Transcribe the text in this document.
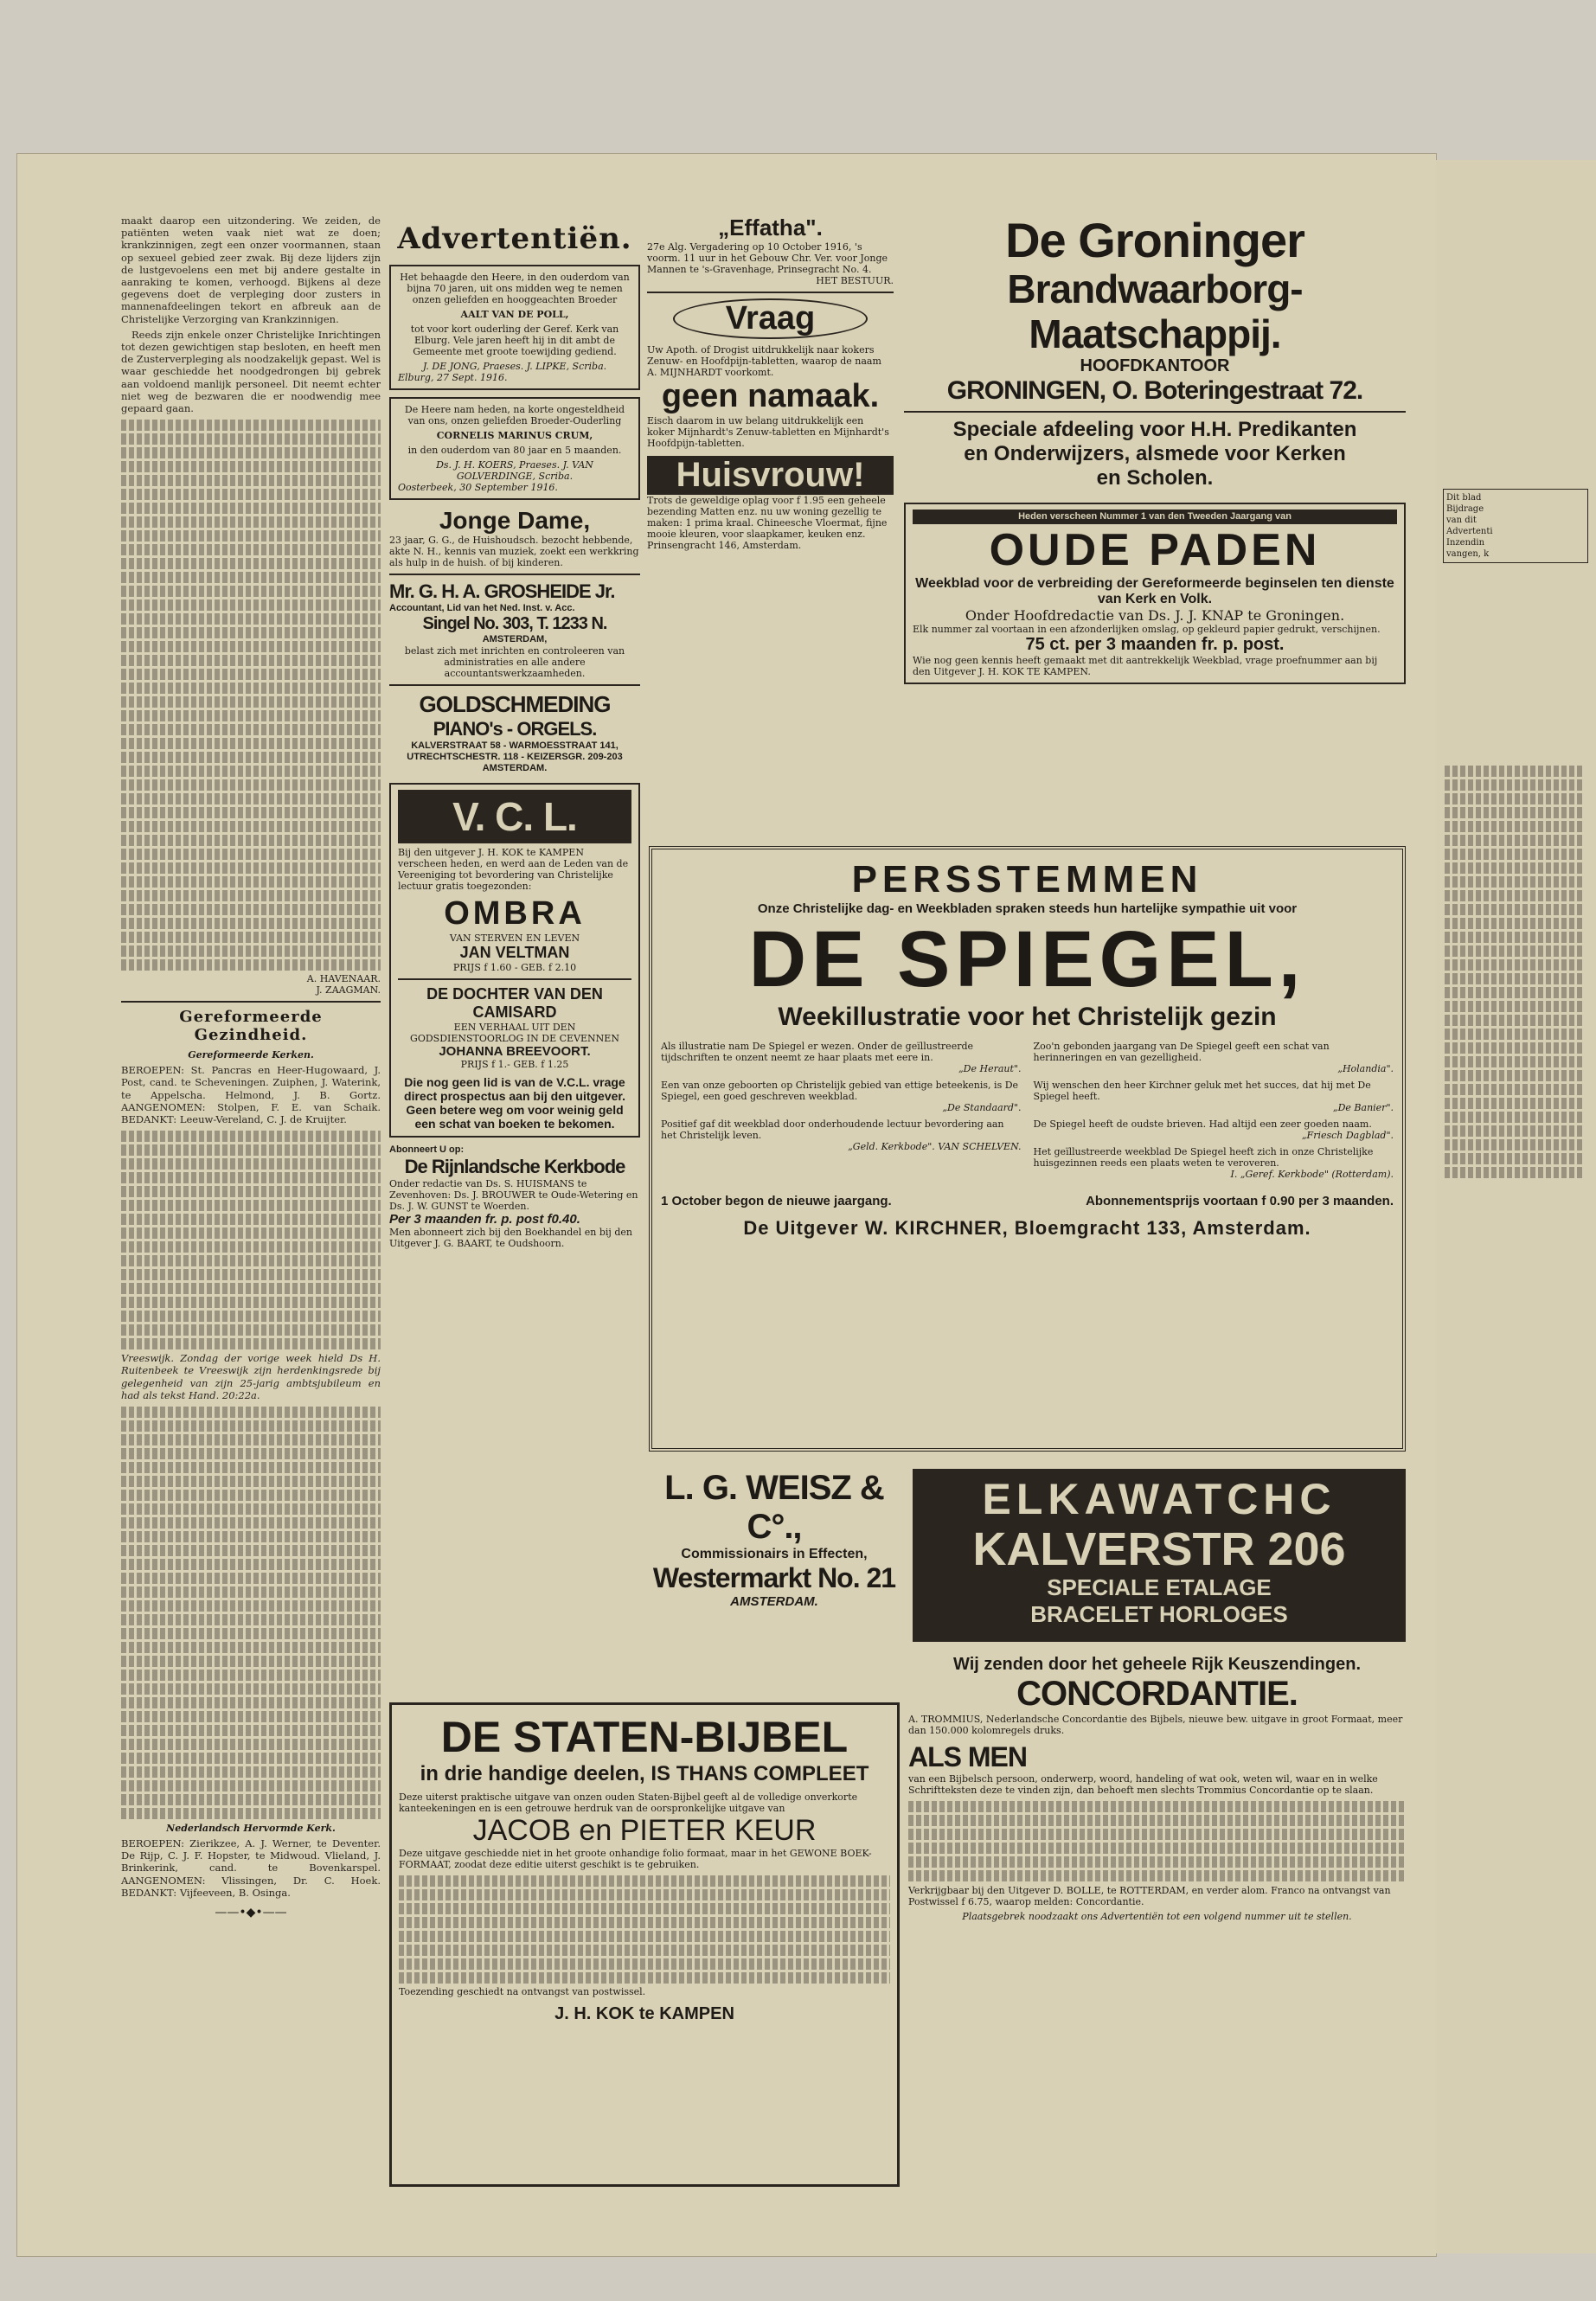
maakt daarop een uitzondering. We zeiden, de patiënten weten vaak niet wat ze doen; krankzinnigen, zegt een onzer voormannen, staan op sexueel gebied zeer zwak. Bij deze lijders zijn de lustgevoelens een met bij andere gestalte in aanraking te komen, verhoogd. Bijkens al deze gegevens doet de verpleging door zusters in mannenafdeelingen tekort en afbreuk aan de Christelijke Verzorging van Krankzinnigen.
Reeds zijn enkele onzer Christelijke Inrichtingen tot dezen gewichtigen stap besloten, en heeft men de Zusterverpleging als noodzakelijk gepast. Wel is waar geschiedde het noodgedrongen bij gebrek aan voldoend manlijk personeel. Dit neemt echter niet weg de bezwaren die er noodwendig mee gepaard gaan.
A. HAVENAAR.
J. ZAAGMAN.
Gereformeerde Gezindheid.
Gereformeerde Kerken.
BEROEPEN: St. Pancras en Heer-Hugowaard, J. Post, cand. te Scheveningen. Zuiphen, J. Waterink, te Appelscha. Helmond, J. B. Gortz. AANGENOMEN: Stolpen, F. E. van Schaik. BEDANKT: Leeuw-Vereland, C. J. de Kruijter.
Vreeswijk. Zondag der vorige week hield Ds H. Ruitenbeek te Vreeswijk zijn herdenkingsrede bij gelegenheid van zijn 25-jarig ambtsjubileum en had als tekst Hand. 20:22a.
Nederlandsch Hervormde Kerk.
BEROEPEN: Zierikzee, A. J. Werner, te Deventer. De Rijp, C. J. F. Hopster, te Midwoud. Vlieland, J. Brinkerink, cand. te Bovenkarspel. AANGENOMEN: Vlissingen, Dr. C. Hoek. BEDANKT: Vijfeeveen, B. Osinga.
——•◆•——
Advertentiën.
Het behaagde den Heere, in den ouderdom van bijna 70 jaren, uit ons midden weg te nemen onzen geliefden en hooggeachten Broeder
AALT VAN DE POLL,
tot voor kort ouderling der Geref. Kerk van Elburg. Vele jaren heeft hij in dit ambt de Gemeente met groote toewijding gediend.
J. DE JONG, Praeses. J. LIPKE, Scriba.
Elburg, 27 Sept. 1916.
De Heere nam heden, na korte ongesteldheid van ons, onzen geliefden Broeder-Ouderling
CORNELIS MARINUS CRUM,
in den ouderdom van 80 jaar en 5 maanden.
Ds. J. H. KOERS, Praeses. J. VAN GOLVERDINGE, Scriba.
Oosterbeek, 30 September 1916.
Jonge Dame,
23 jaar, G. G., de Huishoudsch. bezocht hebbende, akte N. H., kennis van muziek, zoekt een werkkring als hulp in de huish. of bij kinderen.
Mr. G. H. A. GROSHEIDE Jr.
Accountant, Lid van het Ned. Inst. v. Acc.
Singel No. 303, T. 1233 N.
AMSTERDAM,
belast zich met inrichten en controleeren van administraties en alle andere accountantswerkzaamheden.
GOLDSCHMEDING
PIANO's - ORGELS.
KALVERSTRAAT 58 - WARMOESSTRAAT 141, UTRECHTSCHESTR. 118 - KEIZERSGR. 209-203
AMSTERDAM.
V. C. L.
Bij den uitgever J. H. KOK te KAMPEN verscheen heden, en werd aan de Leden van de Vereeniging tot bevordering van Christelijke lectuur gratis toegezonden:
OMBRA
VAN STERVEN EN LEVEN
JAN VELTMAN
PRIJS f 1.60 - GEB. f 2.10
DE DOCHTER VAN DEN CAMISARD
EEN VERHAAL UIT DEN GODSDIENSTOORLOG IN DE CEVENNEN
JOHANNA BREEVOORT.
PRIJS f 1.- GEB. f 1.25
Die nog geen lid is van de V.C.L. vrage direct prospectus aan bij den uitgever. Geen betere weg om voor weinig geld een schat van boeken te bekomen.
Abonneert U op:
De Rijnlandsche Kerkbode
Onder redactie van Ds. S. HUISMANS te Zevenhoven: Ds. J. BROUWER te Oude-Wetering en Ds. J. W. GUNST te Woerden.
Per 3 maanden fr. p. post f0.40.
Men abonneert zich bij den Boekhandel en bij den Uitgever J. G. BAART, te Oudshoorn.
„Effatha".
27e Alg. Vergadering op 10 October 1916, 's voorm. 11 uur in het Gebouw Chr. Ver. voor Jonge Mannen te 's-Gravenhage, Prinsegracht No. 4.
HET BESTUUR.
Vraag
Uw Apoth. of Drogist uitdrukkelijk naar kokers Zenuw- en Hoofdpijn-tabletten, waarop de naam A. MIJNHARDT voorkomt.
geen namaak.
Eisch daarom in uw belang uitdrukkelijk een koker Mijnhardt's Zenuw-tabletten en Mijnhardt's Hoofdpijn-tabletten.
Huisvrouw!
Trots de geweldige oplag voor f 1.95 een geheele bezending Matten enz. nu uw woning gezellig te maken: 1 prima kraal. Chineesche Vloermat, fijne mooie kleuren, voor slaapkamer, keuken enz.
Prinsengracht 146, Amsterdam.
De Groninger
Brandwaarborg-Maatschappij.
HOOFDKANTOOR
GRONINGEN, O. Boteringestraat 72.
Speciale afdeeling voor H.H. Predikanten
en Onderwijzers, alsmede voor Kerken
en Scholen.
Heden verscheen Nummer 1 van den Tweeden Jaargang van
OUDE PADEN
Weekblad voor de verbreiding der Gereformeerde beginselen ten dienste van Kerk en Volk.
Onder Hoofdredactie van Ds. J. J. KNAP te Groningen.
Elk nummer zal voortaan in een afzonderlijken omslag, op gekleurd papier gedrukt, verschijnen.
75 ct. per 3 maanden fr. p. post.
Wie nog geen kennis heeft gemaakt met dit aantrekkelijk Weekblad, vrage proefnummer aan bij den Uitgever J. H. KOK TE KAMPEN.
PERSSTEMMEN
Onze Christelijke dag- en Weekbladen spraken steeds hun hartelijke sympathie uit voor
DE SPIEGEL,
Weekillustratie voor het Christelijk gezin
Als illustratie nam De Spiegel er wezen. Onder de geïllustreerde tijdschriften te onzent neemt ze haar plaats met eere in.
„De Heraut".
Een van onze geboorten op Christelijk gebied van ettige beteekenis, is De Spiegel, een goed geschreven weekblad.
„De Standaard".
Positief gaf dit weekblad door onderhoudende lectuur bevordering aan het Christelijk leven.
„Geld. Kerkbode". VAN SCHELVEN.
Zoo'n gebonden jaargang van De Spiegel geeft een schat van herinneringen en van gezelligheid.
„Holandia".
Wij wenschen den heer Kirchner geluk met het succes, dat hij met De Spiegel heeft.
„De Banier".
De Spiegel heeft de oudste brieven. Had altijd een zeer goeden naam.
„Friesch Dagblad".
Het geïllustreerde weekblad De Spiegel heeft zich in onze Christelijke huisgezinnen reeds een plaats weten te veroveren.
I. „Geref. Kerkbode" (Rotterdam).
1 October begon de nieuwe jaargang.	Abonnementsprijs voortaan f 0.90 per 3 maanden.
De Uitgever W. KIRCHNER, Bloemgracht 133, Amsterdam.
L. G. WEISZ & C°.,
Commissionairs in Effecten,
Westermarkt No. 21
AMSTERDAM.
ELKAWATCHC
KALVERSTR 206
SPECIALE ETALAGE
BRACELET HORLOGES
DE STATEN-BIJBEL
in drie handige deelen, IS THANS COMPLEET
Deze uiterst praktische uitgave van onzen ouden Staten-Bijbel geeft al de volledige onverkorte kanteekeningen en is een getrouwe herdruk van de oorspronkelijke uitgave van
JACOB en PIETER KEUR
Deze uitgave geschiedde niet in het groote onhandige folio formaat, maar in het GEWONE BOEK-FORMAAT, zoodat deze editie uiterst geschikt is te gebruiken.
Toezending geschiedt na ontvangst van postwissel.
J. H. KOK te KAMPEN
Wij zenden door het geheele Rijk Keuszendingen.
CONCORDANTIE.
A. TROMMIUS, Nederlandsche Concordantie des Bijbels, nieuwe bew. uitgave in groot Formaat, meer dan 150.000 kolomregels druks.
ALS MEN
van een Bijbelsch persoon, onderwerp, woord, handeling of wat ook, weten wil, waar en in welke Schriftteksten deze te vinden zijn, dan behoeft men slechts Trommius Concordantie op te slaan.
Verkrijgbaar bij den Uitgever D. BOLLE, te ROTTERDAM, en verder alom. Franco na ontvangst van Postwissel f 6.75, waarop melden: Concordantie.
Plaatsgebrek noodzaakt ons Advertentiën tot een volgend nummer uit te stellen.
Dit blad
Bijdrage
van dit
Advertenti
Inzendin
vangen, k
